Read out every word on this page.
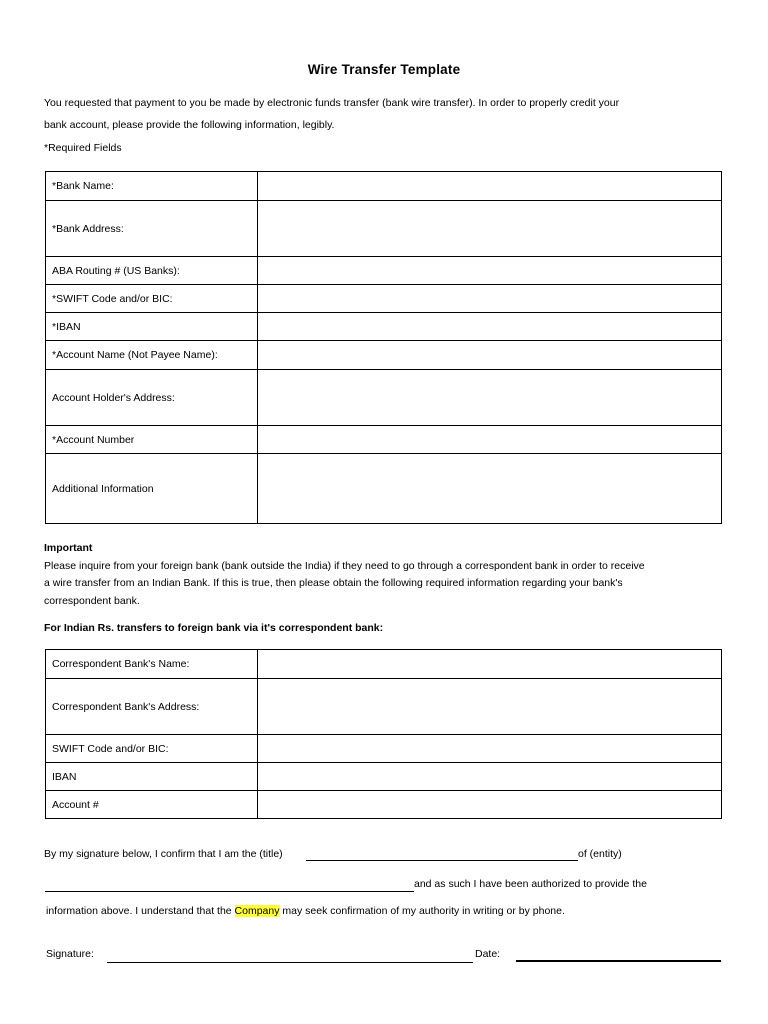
Wire Transfer Template
You requested that payment to you be made by electronic funds transfer (bank wire transfer). In order to properly credit your
bank account, please provide the following information, legibly.
*Required Fields
*Bank Name:	
*Bank Address:	
ABA Routing # (US Banks):	
*SWIFT Code and/or BIC:	
*IBAN	
*Account Name (Not Payee Name):	
Account Holder's Address:	
*Account Number	
Additional Information	
Important
Please inquire from your foreign bank (bank outside the India) if they need to go through a correspondent bank in order to receive
a wire transfer from an Indian Bank. If this is true, then please obtain the following required information regarding your bank's
correspondent bank.
For Indian Rs. transfers to foreign bank via it's correspondent bank:
Correspondent Bank's Name:	
Correspondent Bank's Address:	
SWIFT Code and/or BIC:	
IBAN	
Account #	
By my signature below, I confirm that I am the (title)	of (entity)
and as such I have been authorized to provide the
information above. I understand that the Company may seek confirmation of my authority in writing or by phone.
Signature:	Date:
